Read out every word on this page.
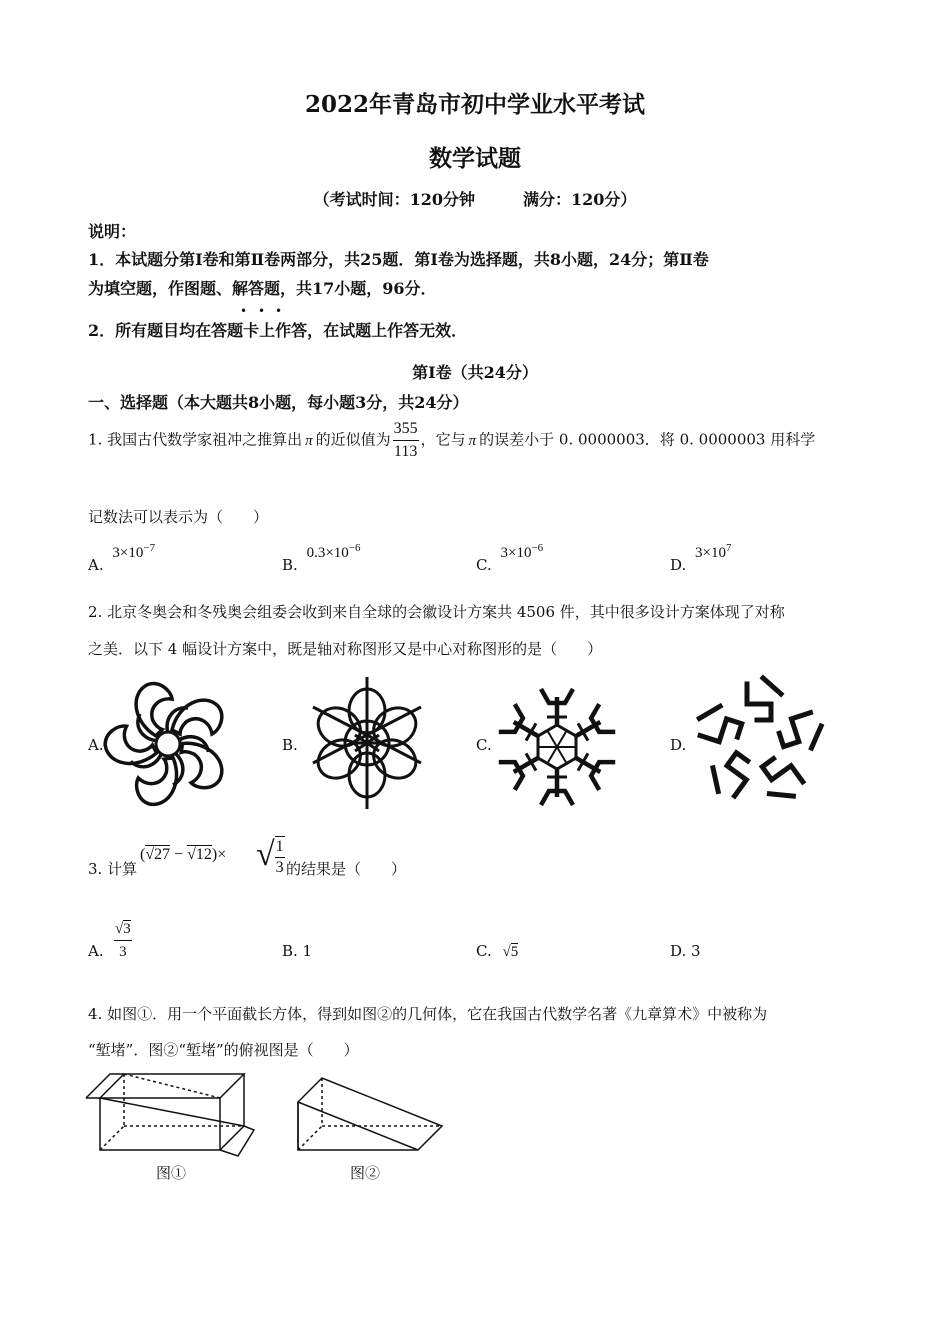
2022年青岛市初中学业水平考试
数学试题
（考试时间：120分钟　　　满分：120分）
说明：
1．本试题分第Ⅰ卷和第Ⅱ卷两部分，共25题．第Ⅰ卷为选择题，共8小题，24分；第Ⅱ卷
为填空题，作图题、解答题，共17小题，96分．
2．所有题目均在答题卡上作答，在试题上作答无效．
• • •
第Ⅰ卷（共24分）
一、选择题（本大题共8小题，每小题3分，共24分）
1. 我国古代数学家祖冲之推算出 π 的近似值为 $\frac{355}{113}$ ，它与 π 的误差小于 0. 0000003．将 0. 0000003 用科学
记数法可以表示为（　　）
A. $3\times 10^{-7}$
B. $0.3\times 10^{-6}$
C. $3\times 10^{-6}$
D. $3\times 10^7$
2. 北京冬奥会和冬残奥会组委会收到来自全球的会徽设计方案共 4506 件，其中很多设计方案体现了对称
之美．以下 4 幅设计方案中，既是轴对称图形又是中心对称图形的是（　　）
A.	B.	C.	D.
3. 计算
(√27 − √12)× √ $\frac{1}{3}$ 的结果是（　　）
A. $\frac{√3}{3}$	B. 1	C. √5	D. 3
4. 如图①．用一个平面截长方体，得到如图②的几何体，它在我国古代数学名著《九章算术》中被称为
“堑堵”．图②“堑堵”的俯视图是（　　）
图①	图②
